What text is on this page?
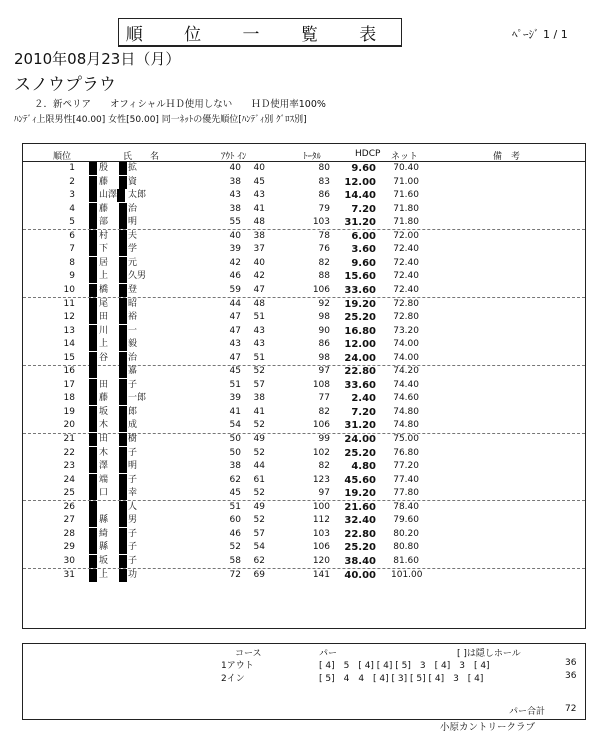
順 位 一 覧 表	ﾍﾟｰｼﾞ 1 / 1
2010年08月23日（月）
スノウプラウ
２．新ペリア　　オフィシャルＨＤ使用しない　　ＨＤ使用率100%
ﾊﾝﾃﾞｨ上限男性[40.00] 女性[50.00] 同一ﾈｯﾄの優先順位[ﾊﾝﾃﾞｨ別 ｸﾞﾛｽ別]
順位	氏　　名	ｱｳﾄ ｲﾝ	ﾄｰﾀﾙ	HDCP ネット	備　考
1	殷 拡	40	40	80	9.60 70.40
2	藤 資	38	45	83	12.00 71.00
3	山澤 太郎	43	43	86	14.40 71.60
4	藤 治	38	41	79	7.20 71.80
5	部 明	55	48	103	31.20 71.80
6	村 夫	40	38	78	6.00 72.00
7	下 学	39	37	76	3.60 72.40
8	居 元	42	40	82	9.60 72.40
9	上 久男	46	42	88	15.60 72.40
10	橋 登	59	47	106	33.60 72.40
11	尾 昭	44	48	92	19.20 72.80
12	田 裕	47	51	98	25.20 72.80
13	川 一	47	43	90	16.80 73.20
14	上 毅	43	43	86	12.00 74.00
15	谷 治	47	51	98	24.00 74.00
16	嘉	45	52	97	22.80 74.20
17	田 子	51	57	108	33.60 74.40
18	藤 一郎	39	38	77	2.40 74.60
19	坂 郎	41	41	82	7.20 74.80
20	木 成	54	52	106	31.20 74.80
21	田 樹	50	49	99	24.00 75.00
22	木 子	50	52	102	25.20 76.80
23	澤 明	38	44	82	4.80 77.20
24	端 子	62	61	123	45.60 77.40
25	口 幸	45	52	97	19.20 77.80
26	人	51	49	100	21.60 78.40
27	縣 男	60	52	112	32.40 79.60
28	綺 子	46	57	103	22.80 80.20
29	縣 子	52	54	106	25.20 80.80
30	坂 子	58	62	120	38.40 81.60
31	上 功	72	69	141	40.00 101.00
コース	パー	[ ]は隠しホール
1アウト	[ 4]　5　[ 4] [ 4] [ 5]　3　[ 4]　3　[ 4]	36
2イン	[ 5]　4　4　[ 4] [ 3] [ 5] [ 4]　3　[ 4]	36
パー合計 72
小原カントリークラブ
